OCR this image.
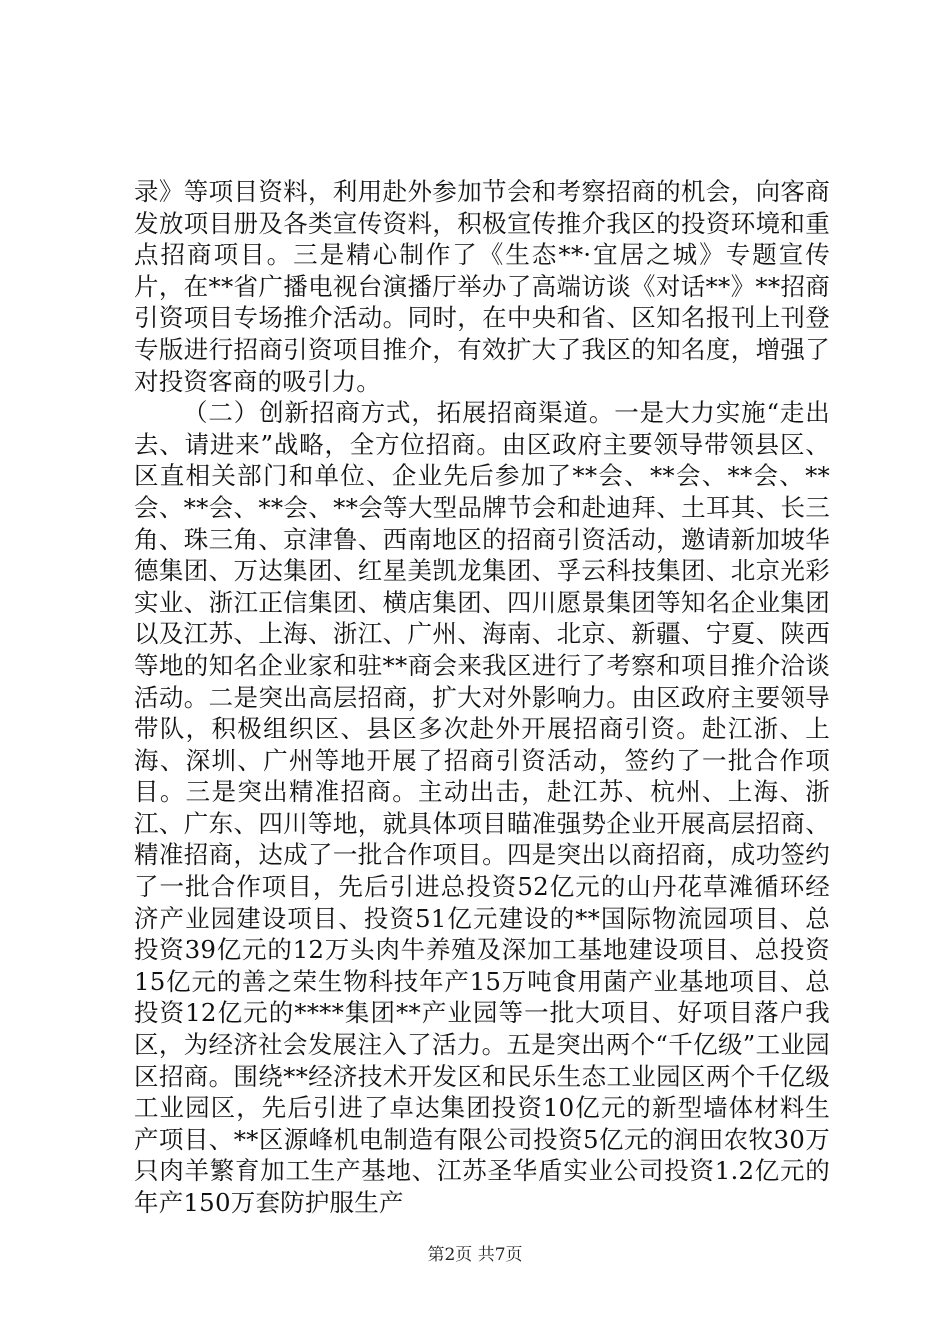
录》等项目资料，利用赴外参加节会和考察招商的机会，向客商发放项目册及各类宣传资料，积极宣传推介我区的投资环境和重点招商项目。三是精心制作了《生态**·宜居之城》专题宣传片，在**省广播电视台演播厅举办了高端访谈《对话**》**招商引资项目专场推介活动。同时，在中央和省、区知名报刊上刊登专版进行招商引资项目推介，有效扩大了我区的知名度，增强了对投资客商的吸引力。

（二）创新招商方式，拓展招商渠道。一是大力实施“走出去、请进来”战略，全方位招商。由区政府主要领导带领县区、区直相关部门和单位、企业先后参加了**会、**会、**会、**会、**会、**会、**会等大型品牌节会和赴迪拜、土耳其、长三角、珠三角、京津鲁、西南地区的招商引资活动，邀请新加坡华德集团、万达集团、红星美凯龙集团、孚云科技集团、北京光彩实业、浙江正信集团、横店集团、四川愿景集团等知名企业集团以及江苏、上海、浙江、广州、海南、北京、新疆、宁夏、陕西等地的知名企业家和驻**商会来我区进行了考察和项目推介洽谈活动。二是突出高层招商，扩大对外影响力。由区政府主要领导带队，积极组织区、县区多次赴外开展招商引资。赴江浙、上海、深圳、广州等地开展了招商引资活动，签约了一批合作项目。三是突出精准招商。主动出击，赴江苏、杭州、上海、浙江、广东、四川等地，就具体项目瞄准强势企业开展高层招商、精准招商，达成了一批合作项目。四是突出以商招商，成功签约了一批合作项目，先后引进总投资52亿元的山丹花草滩循环经济产业园建设项目、投资51亿元建设的**国际物流园项目、总投资39亿元的12万头肉牛养殖及深加工基地建设项目、总投资15亿元的善之荣生物科技年产15万吨食用菌产业基地项目、总投资12亿元的****集团**产业园等一批大项目、好项目落户我区，为经济社会发展注入了活力。五是突出两个“千亿级”工业园区招商。围绕**经济技术开发区和民乐生态工业园区两个千亿级工业园区，先后引进了卓达集团投资10亿元的新型墙体材料生产项目、**区源峰机电制造有限公司投资5亿元的润田农牧30万只肉羊繁育加工生产基地、江苏圣华盾实业公司投资1.2亿元的年产150万套防护服生产

第2页 共7页
